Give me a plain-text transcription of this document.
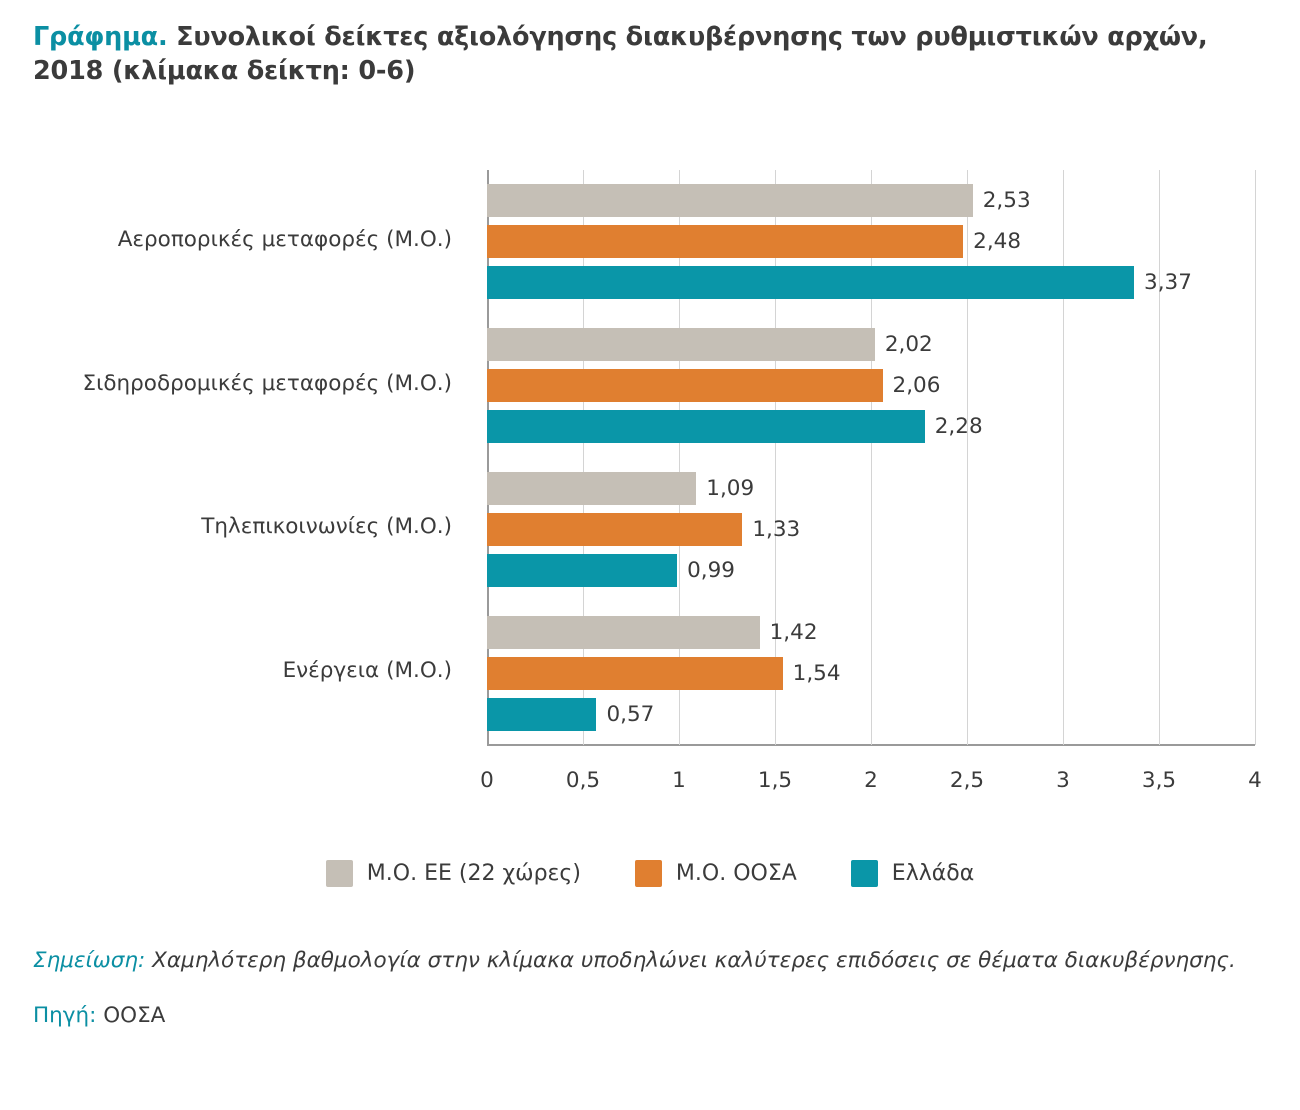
Γράφημα. Συνολικοί δείκτες αξιολόγησης διακυβέρνησης των ρυθμιστικών αρχών, 2018 (κλίμακα δείκτη: 0-6)
Αεροπορικές μεταφορές (Μ.Ο.)
Σιδηροδρομικές μεταφορές (Μ.Ο.)
Τηλεπικοινωνίες (Μ.Ο.)
Ενέργεια (Μ.Ο.)
2,53
2,48
3,37
2,02
2,06
2,28
1,09
1,33
0,99
1,42
1,54
0,57
0	0,5	1	1,5	2	2,5	3	3,5	4
Μ.Ο. ΕΕ (22 χώρες)	Μ.Ο. ΟΟΣΑ	Ελλάδα
Σημείωση: Χαμηλότερη βαθμολογία στην κλίμακα υποδηλώνει καλύτερες επιδόσεις σε θέματα διακυβέρνησης.
Πηγή: ΟΟΣΑ
